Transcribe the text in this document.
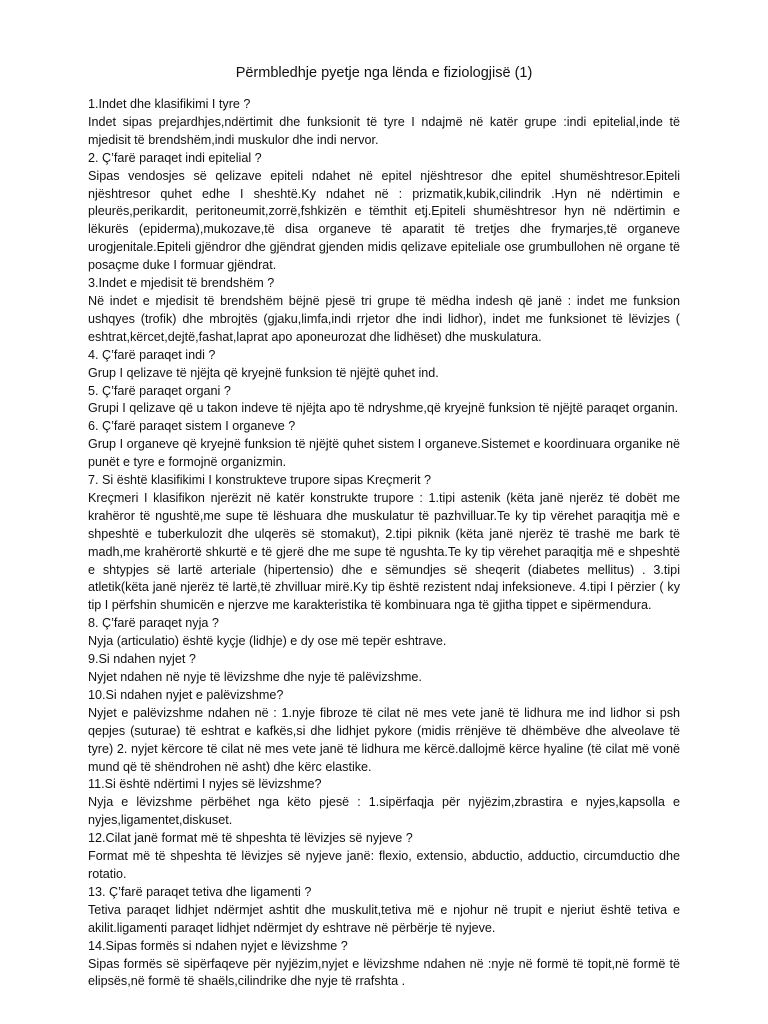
Përmbledhje pyetje nga lënda e fiziologjisë (1)

1.Indet dhe klasifikimi I tyre ?

Indet sipas prejardhjes,ndërtimit dhe funksionit të tyre I ndajmë në katër grupe :indi epitelial,inde të mjedisit të brendshëm,indi muskulor dhe indi nervor.

2. Ç’farë paraqet indi epitelial ?

Sipas vendosjes së qelizave epiteli ndahet në epitel njështresor dhe epitel shumështresor.Epiteli njështresor quhet edhe I sheshtë.Ky ndahet në : prizmatik,kubik,cilindrik .Hyn në ndërtimin e pleurës,perikardit, peritoneumit,zorrë,fshkizën e tëmthit etj.Epiteli shumështresor hyn në ndërtimin e lëkurës (epiderma),mukozave,të disa organeve të aparatit të tretjes dhe frymarjes,të organeve urogjenitale.Epiteli gjëndror dhe gjëndrat gjenden midis qelizave epiteliale ose grumbullohen në organe të posaçme duke I formuar gjëndrat.

3.Indet e mjedisit të brendshëm ?

Në indet e mjedisit të brendshëm bëjnë pjesë tri grupe të mëdha indesh që janë : indet me funksion ushqyes (trofik) dhe mbrojtës (gjaku,limfa,indi rrjetor dhe indi lidhor), indet me funksionet të lëvizjes ( eshtrat,kërcet,dejtë,fashat,laprat apo aponeurozat dhe lidhëset) dhe muskulatura.

4. Ç’farë paraqet indi ?

Grup I qelizave të njëjta që kryejnë funksion të njëjtë quhet ind.

5. Ç’farë paraqet organi ?

Grupi I qelizave që u takon indeve të njëjta apo të ndryshme,që kryejnë funksion të njëjtë paraqet organin.

6. Ç’farë paraqet sistem I organeve ?

Grup I organeve që kryejnë funksion të njëjtë quhet sistem I organeve.Sistemet e koordinuara organike në punët e tyre e formojnë organizmin.

7. Si është klasifikimi I konstrukteve trupore sipas Kreçmerit ?

Kreçmeri I klasifikon njerëzit në katër konstrukte trupore : 1.tipi astenik (këta janë njerëz të dobët me krahëror të ngushtë,me supe të lëshuara dhe muskulatur të pazhvilluar.Te ky tip vërehet paraqitja më e shpeshtë e tuberkulozit dhe ulqerës së stomakut), 2.tipi piknik (këta janë njerëz të trashë me bark të madh,me krahërortë shkurtë e të gjerë dhe me supe të ngushta.Te ky tip vërehet paraqitja më e shpeshtë e shtypjes së lartë arteriale (hipertensio) dhe e sëmundjes së sheqerit (diabetes mellitus) . 3.tipi atletik(këta janë njerëz të lartë,të zhvilluar mirë.Ky tip është rezistent ndaj infeksioneve. 4.tipi I përzier ( ky tip I përfshin shumicën e njerzve me karakteristika të kombinuara nga të gjitha tippet e sipërmendura.

8. Ç’farë paraqet nyja ?

Nyja (articulatio) është kyçje (lidhje) e dy ose më tepër eshtrave.

9.Si ndahen nyjet ?

Nyjet ndahen në nyje të lëvizshme dhe nyje të palëvizshme.

10.Si ndahen nyjet e palëvizshme?

Nyjet e palëvizshme ndahen në : 1.nyje fibroze të cilat në mes vete janë të lidhura me ind lidhor si psh qepjes (suturae) të eshtrat e kafkës,si dhe lidhjet pykore (midis rrënjëve të dhëmbëve dhe alveolave të tyre) 2. nyjet kërcore të cilat në mes vete janë të lidhura me kërcë.dallojmë kërce hyaline (të cilat më vonë mund që të shëndrohen në asht) dhe kërc elastike.

11.Si është ndërtimi I nyjes së lëvizshme?

Nyja e lëvizshme përbëhet nga këto pjesë : 1.sipërfaqja për nyjëzim,zbrastira e nyjes,kapsolla e nyjes,ligamentet,diskuset.

12.Cilat janë format më të shpeshta të lëvizjes së nyjeve ?

Format më të shpeshta të lëvizjes së nyjeve janë: flexio, extensio, abductio, adductio, circumductio dhe rotatio.

13. Ç’farë paraqet tetiva dhe ligamenti ?

Tetiva paraqet lidhjet ndërmjet ashtit dhe muskulit,tetiva më e njohur në trupit e njeriut është tetiva e akilit.ligamenti paraqet lidhjet ndërmjet dy eshtrave në përbërje të nyjeve.

14.Sipas formës si ndahen nyjet e lëvizshme ?

Sipas formës së sipërfaqeve për nyjëzim,nyjet e lëvizshme ndahen në :nyje në formë të topit,në formë të elipsës,në formë të shaëls,cilindrike dhe nyje të rrafshta .
